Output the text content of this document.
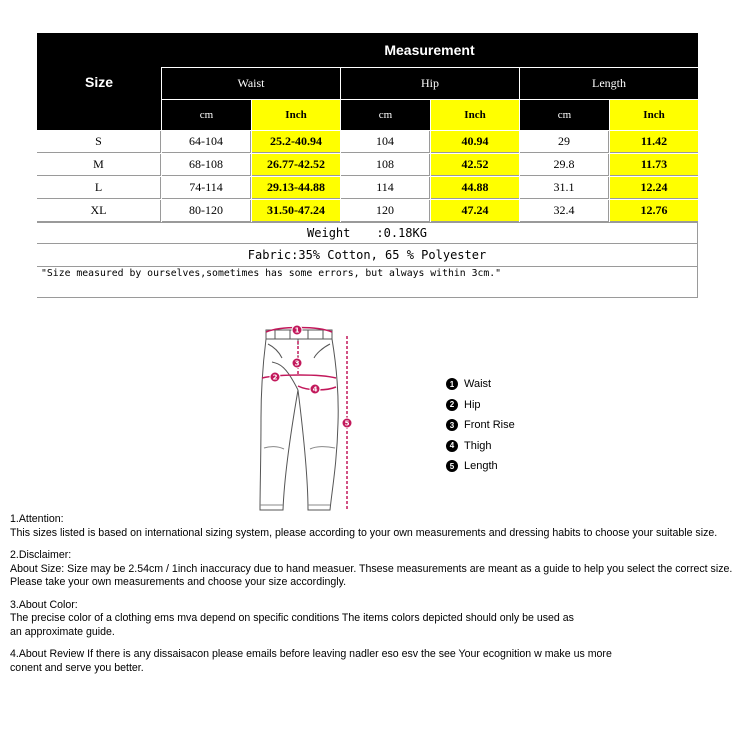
Size
Measurement
Waist	Hip	Length
cm	Inch	cm	Inch	cm	Inch
S	64-104	25.2-40.94	104	40.94	29	11.42
M	68-108	26.77-42.52	108	42.52	29.8	11.73
L	74-114	29.13-44.88	114	44.88	31.1	12.24
XL	80-120	31.50-47.24	120	47.24	32.4	12.76
Weight :0.18KG
Fabric:35% Cotton, 65 % Polyester
"Size measured by ourselves,sometimes has some errors, but always within 3cm."
1
3
2
4
5
1 Waist
2 Hip
3 Front Rise
4 Thigh
5 Length

1.Attention:

This sizes listed is based on international sizing system, please according to your own measurements and dressing habits to choose your suitable size.

2.Disclaimer:

About Size: Size may be 2.54cm / 1inch inaccuracy due to hand measuer. Thsese measurements are meant as a guide to help you select the correct size.

Please take your own measurements and choose your size accordingly.

3.About Color:

The precise color of a clothing ems mva depend on specific conditions The items colors depicted should only be used as

an approximate guide.

4.About Review If there is any dissaisacon please emails before leaving nadler eso esv the see Your ecognition w make us more

conent and serve you better.
